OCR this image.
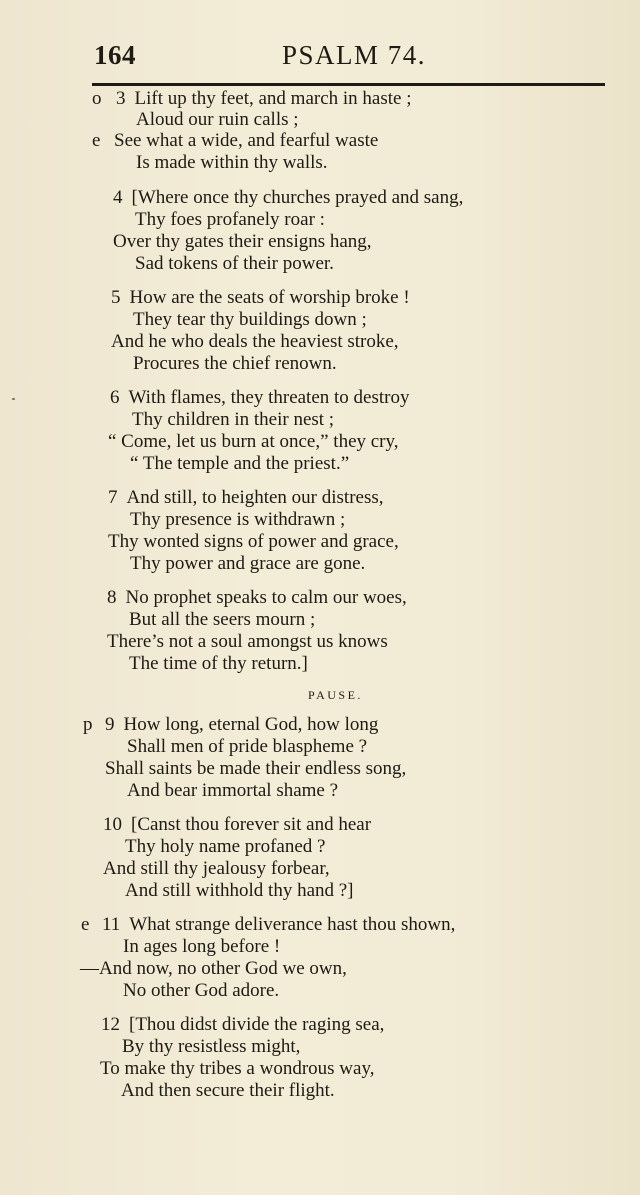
164	PSALM 74.
o
e
3 Lift up thy feet, and march in haste ;
Aloud our ruin calls ;
See what a wide, and fearful waste
Is made within thy walls.
4 [Where once thy churches prayed and sang,
Thy foes profanely roar :
Over thy gates their ensigns hang,
Sad tokens of their power.
5 How are the seats of worship broke !
They tear thy buildings down ;
And he who deals the heaviest stroke,
Procures the chief renown.
6 With flames, they threaten to destroy
Thy children in their nest ;
“ Come, let us burn at once,” they cry,
“ The temple and the priest.”
7 And still, to heighten our distress,
Thy presence is withdrawn ;
Thy wonted signs of power and grace,
Thy power and grace are gone.
8 No prophet speaks to calm our woes,
But all the seers mourn ;
There’s not a soul amongst us knows
The time of thy return.]
PAUSE.
p 9 How long, eternal God, how long
Shall men of pride blaspheme ?
Shall saints be made their endless song,
And bear immortal shame ?
10 [Canst thou forever sit and hear
Thy holy name profaned ?
And still thy jealousy forbear,
And still withhold thy hand ?]
e 11 What strange deliverance hast thou shown,
In ages long before !
—And now, no other God we own,
No other God adore.
12 [Thou didst divide the raging sea,
By thy resistless might,
To make thy tribes a wondrous way,
And then secure their flight.
